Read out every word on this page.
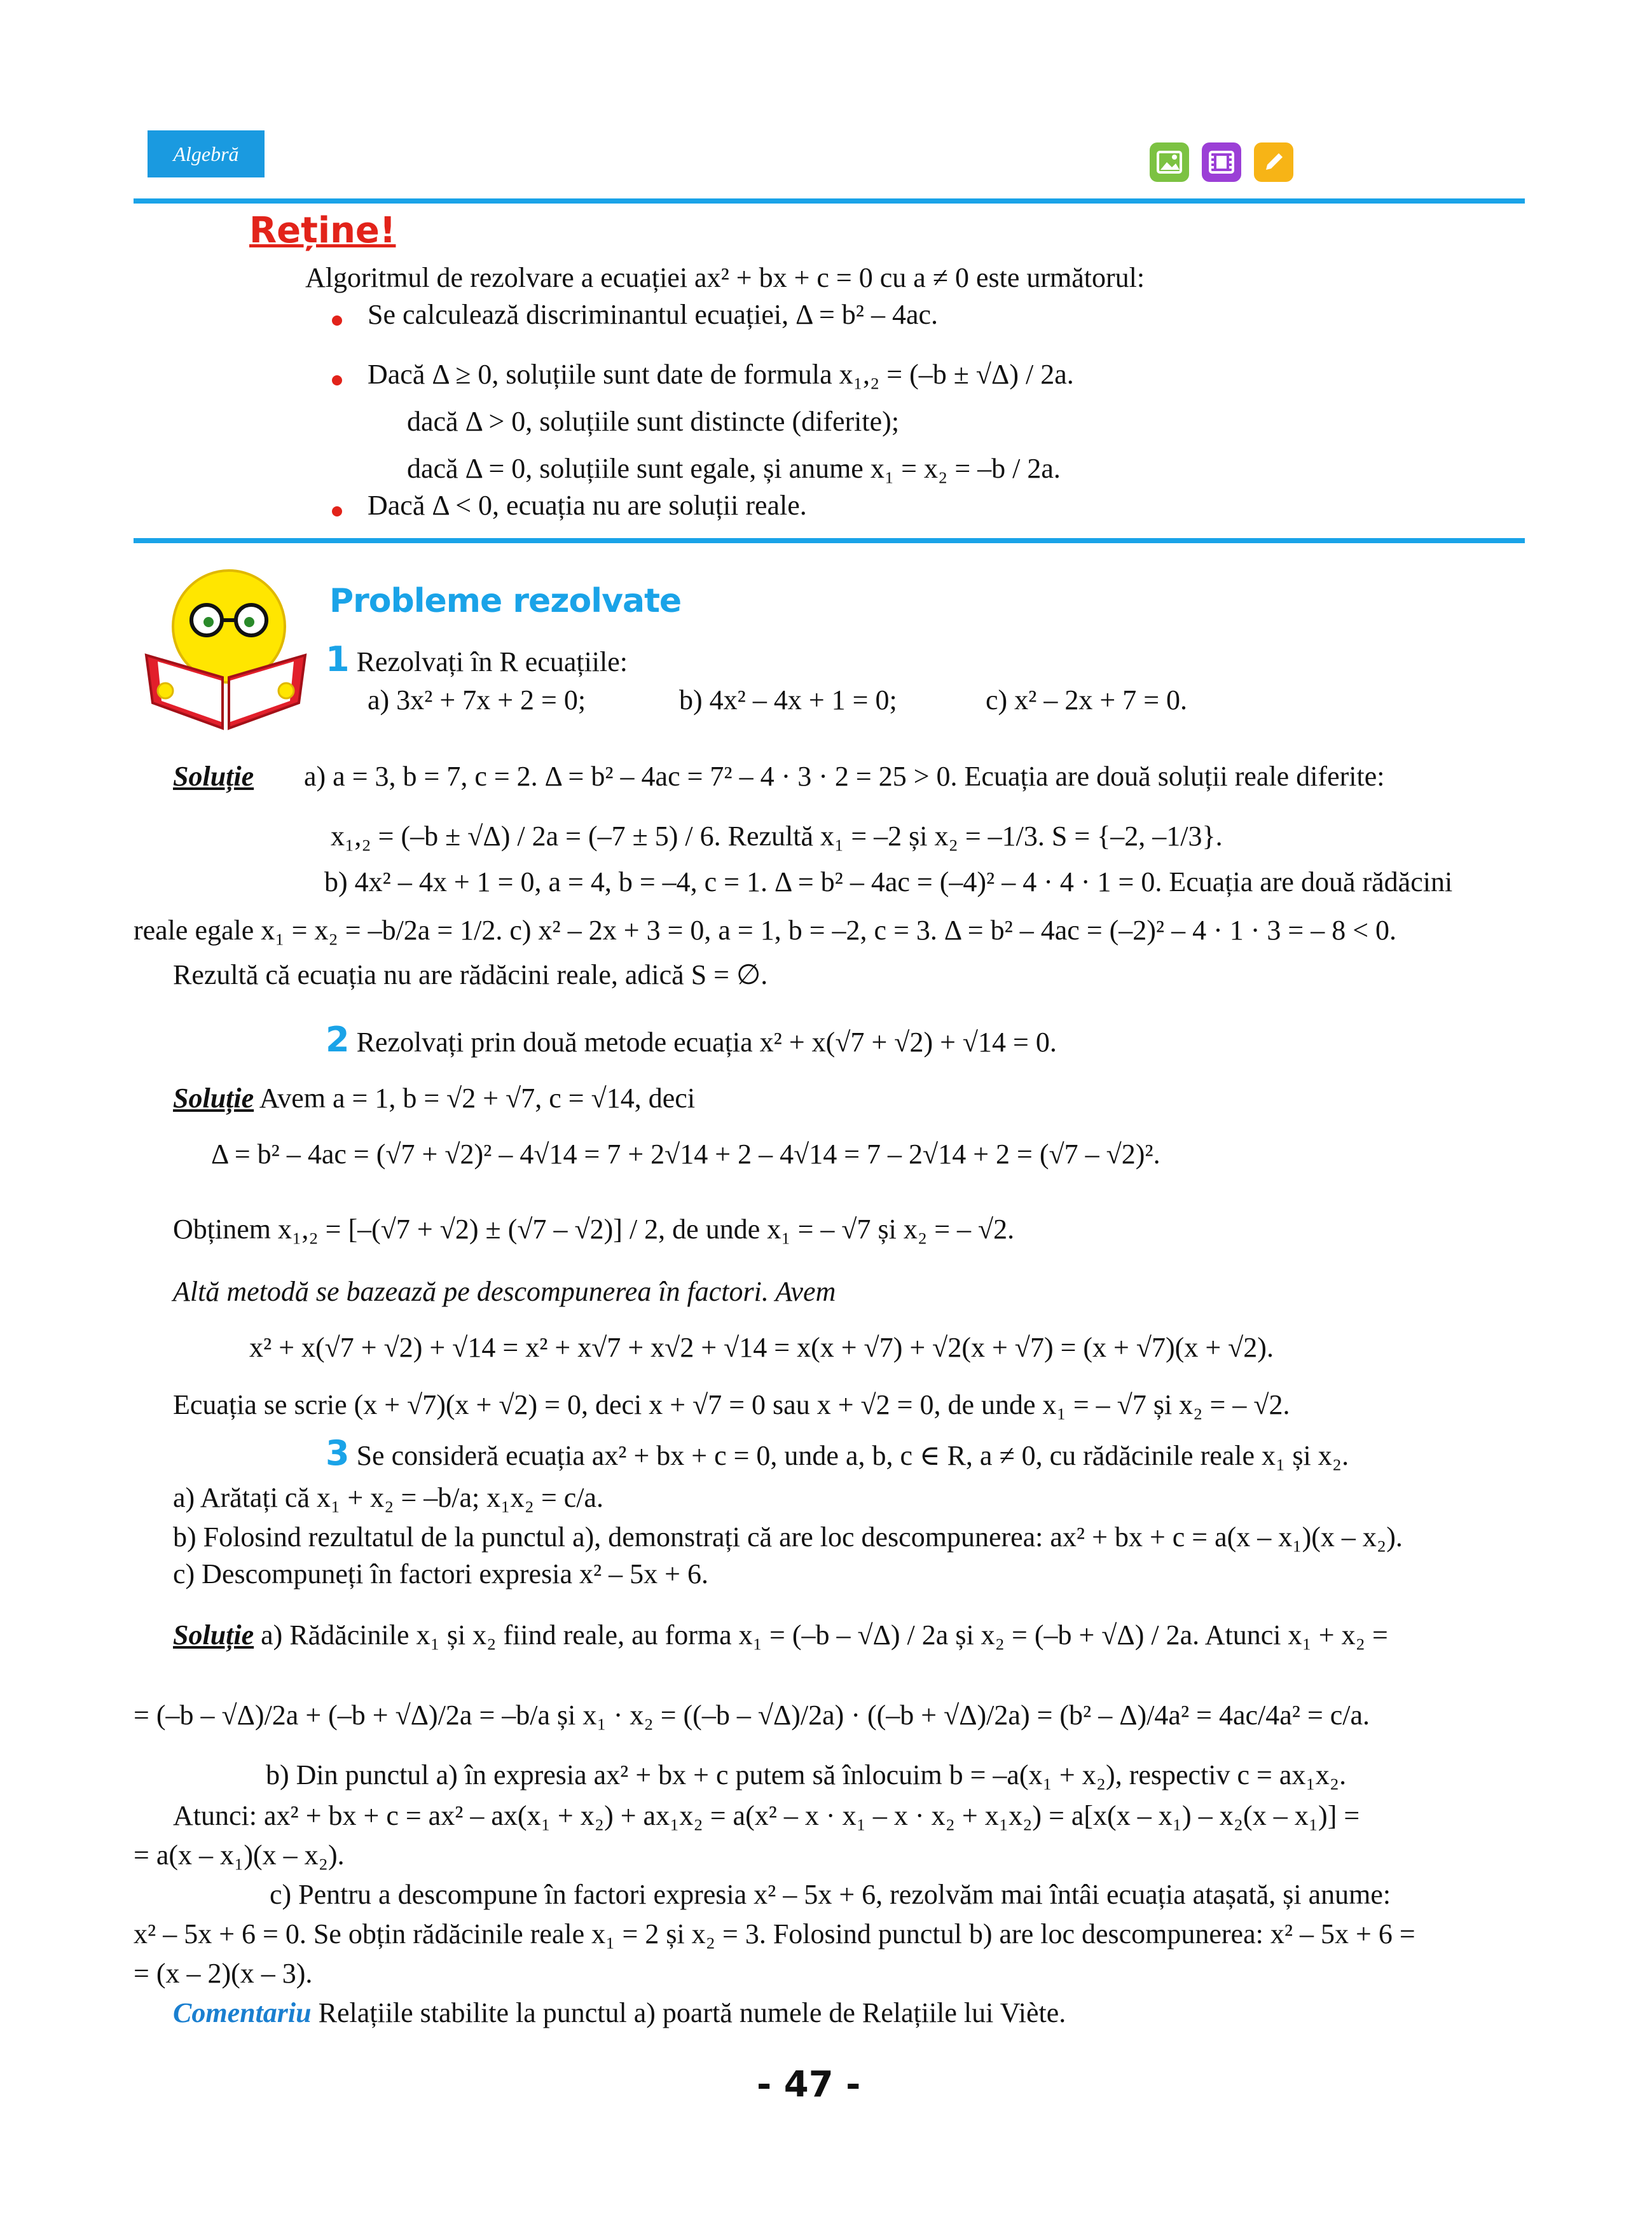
Algebră
Reține!
Algoritmul de rezolvare a ecuației ax² + bx + c = 0 cu a ≠ 0 este următorul:
Se calculează discriminantul ecuației, Δ = b² – 4ac.
Dacă Δ ≥ 0, soluțiile sunt date de formula x₁,₂ = (–b ± √Δ) / 2a.
dacă Δ > 0, soluțiile sunt distincte (diferite);
dacă Δ = 0, soluțiile sunt egale, și anume x₁ = x₂ = –b / 2a.
Dacă Δ < 0, ecuația nu are soluții reale.
Probleme rezolvate
1 Rezolvați în R ecuațiile:
a) 3x² + 7x + 2 = 0;	b) 4x² – 4x + 1 = 0;	c) x² – 2x + 7 = 0.
Soluție a) a = 3, b = 7, c = 2. Δ = b² – 4ac = 7² – 4 · 3 · 2 = 25 > 0. Ecuația are două soluții reale diferite:
x₁,₂ = (–b ± √Δ) / 2a = (–7 ± 5) / 6. Rezultă x₁ = –2 și x₂ = –1/3. S = {–2, –1/3}.
b) 4x² – 4x + 1 = 0, a = 4, b = –4, c = 1. Δ = b² – 4ac = (–4)² – 4 · 4 · 1 = 0. Ecuația are două rădăcini
reale egale x₁ = x₂ = –b/2a = 1/2. c) x² – 2x + 3 = 0, a = 1, b = –2, c = 3. Δ = b² – 4ac = (–2)² – 4 · 1 · 3 = – 8 < 0.
Rezultă că ecuația nu are rădăcini reale, adică S = ∅.
2 Rezolvați prin două metode ecuația x² + x(√7 + √2) + √14 = 0.
Soluție Avem a = 1, b = √2 + √7, c = √14, deci
Δ = b² – 4ac = (√7 + √2)² – 4√14 = 7 + 2√14 + 2 – 4√14 = 7 – 2√14 + 2 = (√7 – √2)².
Obținem x₁,₂ = [–(√7 + √2) ± (√7 – √2)] / 2, de unde x₁ = – √7 și x₂ = – √2.
Altă metodă se bazează pe descompunerea în factori. Avem
x² + x(√7 + √2) + √14 = x² + x√7 + x√2 + √14 = x(x + √7) + √2(x + √7) = (x + √7)(x + √2).
Ecuația se scrie (x + √7)(x + √2) = 0, deci x + √7 = 0 sau x + √2 = 0, de unde x₁ = – √7 și x₂ = – √2.
3 Se consideră ecuația ax² + bx + c = 0, unde a, b, c ∈ R, a ≠ 0, cu rădăcinile reale x₁ și x₂.
a) Arătați că x₁ + x₂ = –b/a; x₁x₂ = c/a.
b) Folosind rezultatul de la punctul a), demonstrați că are loc descompunerea: ax² + bx + c = a(x – x₁)(x – x₂).
c) Descompuneți în factori expresia x² – 5x + 6.
Soluție a) Rădăcinile x₁ și x₂ fiind reale, au forma x₁ = (–b – √Δ) / 2a și x₂ = (–b + √Δ) / 2a. Atunci x₁ + x₂ =
= (–b – √Δ)/2a + (–b + √Δ)/2a = –b/a și x₁ · x₂ = ((–b – √Δ)/2a) · ((–b + √Δ)/2a) = (b² – Δ)/4a² = 4ac/4a² = c/a.
b) Din punctul a) în expresia ax² + bx + c putem să înlocuim b = –a(x₁ + x₂), respectiv c = ax₁x₂.
Atunci: ax² + bx + c = ax² – ax(x₁ + x₂) + ax₁x₂ = a(x² – x · x₁ – x · x₂ + x₁x₂) = a[x(x – x₁) – x₂(x – x₁)] =
= a(x – x₁)(x – x₂).
c) Pentru a descompune în factori expresia x² – 5x + 6, rezolvăm mai întâi ecuația atașată, și anume:
x² – 5x + 6 = 0. Se obțin rădăcinile reale x₁ = 2 și x₂ = 3. Folosind punctul b) are loc descompunerea: x² – 5x + 6 =
= (x – 2)(x – 3).
Comentariu Relațiile stabilite la punctul a) poartă numele de Relațiile lui Viète.
- 47 -
